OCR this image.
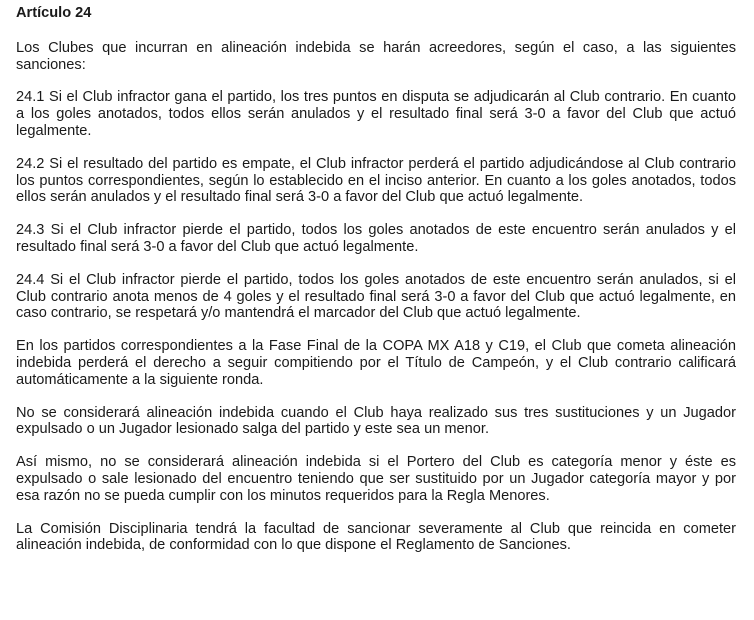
Artículo 24

Los Clubes que incurran en alineación indebida se harán acreedores, según el caso, a las siguientes sanciones:

24.1 Si el Club infractor gana el partido, los tres puntos en disputa se adjudicarán al Club contrario. En cuanto a los goles anotados, todos ellos serán anulados y el resultado final será 3-0 a favor del Club que actuó legalmente.

24.2 Si el resultado del partido es empate, el Club infractor perderá el partido adjudicándose al Club contrario los puntos correspondientes, según lo establecido en el inciso anterior. En cuanto a los goles anotados, todos ellos serán anulados y el resultado final será 3-0 a favor del Club que actuó legalmente.

24.3 Si el Club infractor pierde el partido, todos los goles anotados de este encuentro serán anulados y el resultado final será 3-0 a favor del Club que actuó legalmente.

24.4 Si el Club infractor pierde el partido, todos los goles anotados de este encuentro serán anulados, si el Club contrario anota menos de 4 goles y el resultado final será 3-0 a favor del Club que actuó legalmente, en caso contrario, se respetará y/o mantendrá el marcador del Club que actuó legalmente.

En los partidos correspondientes a la Fase Final de la COPA MX A18 y C19, el Club que cometa alineación indebida perderá el derecho a seguir compitiendo por el Título de Campeón, y el Club contrario calificará automáticamente a la siguiente ronda.

No se considerará alineación indebida cuando el Club haya realizado sus tres sustituciones y un Jugador expulsado o un Jugador lesionado salga del partido y este sea un menor.

Así mismo, no se considerará alineación indebida si el Portero del Club es categoría menor y éste es expulsado o sale lesionado del encuentro teniendo que ser sustituido por un Jugador categoría mayor y por esa razón no se pueda cumplir con los minutos requeridos para la Regla Menores.

La Comisión Disciplinaria tendrá la facultad de sancionar severamente al Club que reincida en cometer alineación indebida, de conformidad con lo que dispone el Reglamento de Sanciones.
